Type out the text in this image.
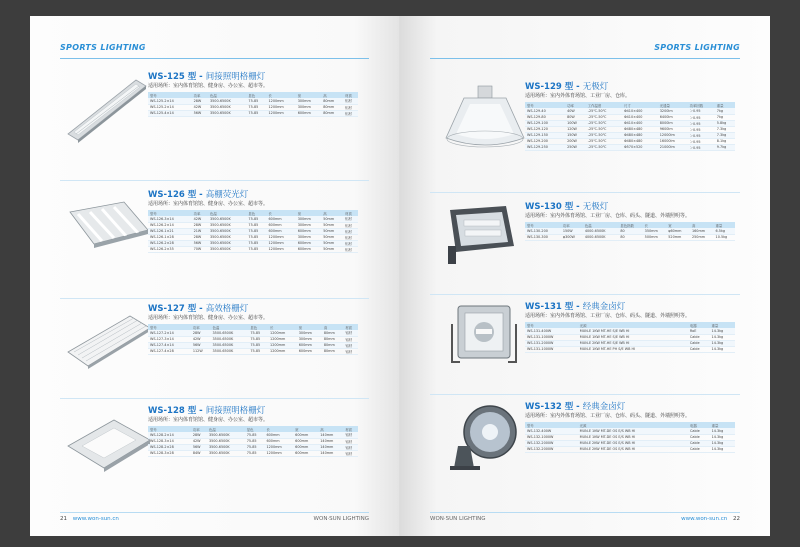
SPORTS LIGHTING
WS-125 型 - 间接照明格栅灯
适用场所：室内体育馆馆、健身房、办公室、超市等。
型号	功率	色温	显色	长	宽	高	材质
WS-125-2×14	28W	3500-6500K	75-85	1200mm	300mm	80mm	铝材
WS-125-2×14	42W	3500-6500K	75-85	1200mm	300mm	80mm	铝材
WS-125-4×14	56W	3500-6500K	75-85	1200mm	600mm	80mm	铝材
WS-126 型 - 高棚荧光灯
适用场所：室内体育馆馆、健身房、办公室、超市等。
型号	功率	色温	显色	长	宽	高	材质
WS-126-3×14	42W	3500-6500K	75-85	600mm	300mm	50mm	铝材
WS-126-2×14	28W	3500-6500K	75-85	600mm	300mm	50mm	铝材
WS-126-1×21	21W	3500-6500K	75-85	600mm	600mm	50mm	铝材
WS-126-1×28	28W	3500-6500K	75-85	1200mm	300mm	50mm	铝材
WS-126-2×28	56W	3500-6500K	75-85	1200mm	600mm	50mm	铝材
WS-126-2×35	70W	3500-6500K	75-85	1200mm	600mm	50mm	铝材
WS-127 型 - 高效格栅灯
适用场所：室内体育馆馆、健身房、办公室、超市等。
型号	功率	色温	显色	长	宽	高	材质
WS-127-2×14	28W	3500-6500K	75-85	1200mm	300mm	80mm	铝材
WS-127-3×14	42W	3500-6500K	75-85	1200mm	300mm	80mm	铝材
WS-127-4×14	56W	3500-6500K	75-85	1200mm	600mm	80mm	铝材
WS-127-4×28	112W	3500-6500K	75-85	1200mm	600mm	80mm	铝材
WS-128 型 - 间接照明格栅灯
适用场所：室内体育馆馆、健身房、办公室、超市等。
型号	功率	色温	显色	长	宽	高	材质
WS-128-2×14	28W	3500-6500K	75-85	600mm	600mm	140mm	铝材
WS-128-3×14	42W	3500-6500K	75-85	600mm	600mm	140mm	铝材
WS-128-2×28	56W	3500-6500K	75-85	1200mm	600mm	140mm	铝材
WS-128-3×28	84W	3500-6500K	75-85	1200mm	600mm	140mm	铝材
21 www.won-sun.cn	WON·SUN LIGHTING
SPORTS LIGHTING
WS-129 型 - 无极灯
适用场所：室内外体育场馆、工业厂房、仓库。
型号	功率	工作温度	尺寸	光通量	功率因数	重量
WS-129-40	40W	-25℃-50℃	Φ410×400	3200lm	＞0.95	7kg
WS-129-80	80W	-25℃-50℃	Φ410×400	6400lm	＞0.95	7kg
WS-129-100	100W	-25℃-50℃	Φ410×400	8000lm	＞0.95	5.8kg
WS-129-120	120W	-25℃-50℃	Φ480×480	9600lm	＞0.95	7.3kg
WS-129-150	150W	-25℃-50℃	Φ480×480	12000lm	＞0.95	7.3kg
WS-129-200	200W	-25℃-50℃	Φ480×480	16000lm	＞0.95	8.1kg
WS-129-250	250W	-25℃-50℃	Φ570×520	21000lm	＞0.95	9.7kg
WS-130 型 - 无极灯
适用场所：室内外体育场馆、工业厂房、仓库、码头、隧道、外墙照明等。
型号	功率	色温	显色指数	长	宽	高	重量
WS-130-200	150W	4000-6500K	80	350mm	φ60mm	160mm	6.5kg
WS-130-300	φ300W	4000-6500K	80	500mm	520mm	250mm	10.5kg
WS-131 型 - 经典金卤灯
适用场所：室内外体育场馆、工业厂房、仓库、码头、隧道、外墙照明等。
型号	光源		电器	重量
WS-131-400W	MUN-E 1KW MT-HE S/E WB HI		RoE	14.3kg
WS-131-1000W	MUN-E 1KW MT-HE S/E WB HI		Cable	14.3kg
WS-131-2000W	MUN-E 2KW MT-HE S/E WB HI		Cable	14.3kg
WS-131-1000W	MUN-E 1KW MT-HE PH S/E WB HI		Cable	14.3kg
WS-132 型 - 经典金卤灯
适用场所：室内外体育场馆、工业厂房、仓库、码头、隧道、外墙照明等。
型号	光源		电器	重量
WS-132-400W	MUN-E 1KW MT-DE OS E/S WB HI		Cable	14.3kg
WS-132-1000W	MUN-E 1KW MT-DE OS E/S WB HI		Cable	14.3kg
WS-132-2000W	MUN-E 2KW MT-DE OS E/S WB HI		Cable	14.3kg
WS-132-2000W	MUN-E 2KW MT-DE OS E/S WB HI		Cable	14.3kg
WON·SUN LIGHTING	www.won-sun.cn 22
